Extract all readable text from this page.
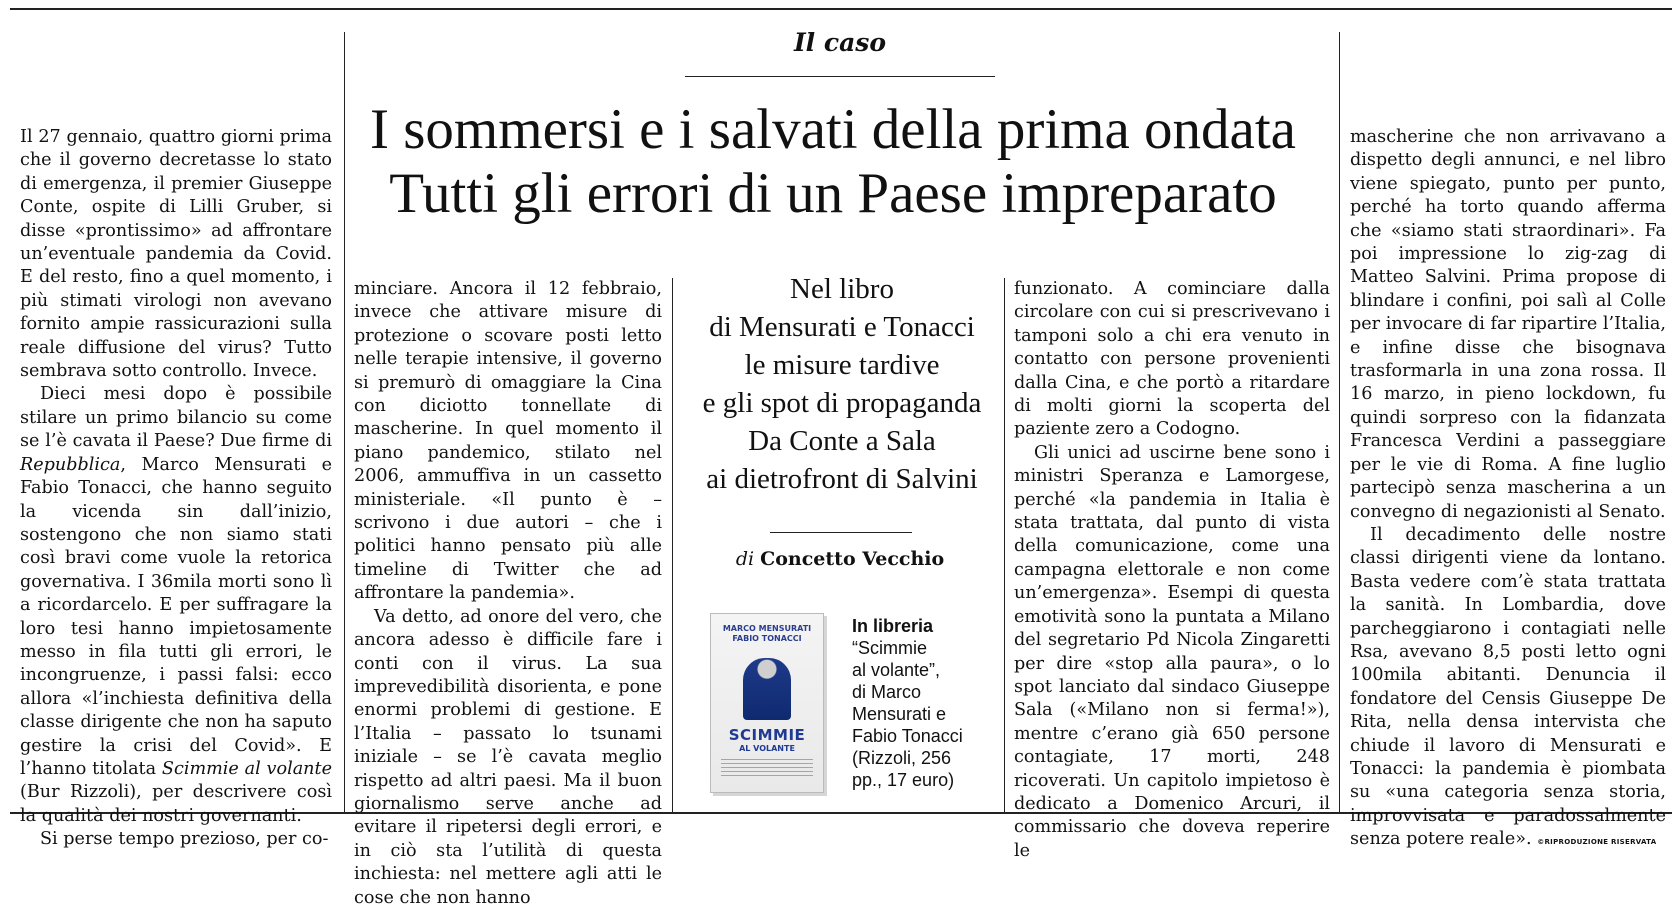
Il caso
I sommersi e i salvati della prima ondata
Tutti gli errori di un Paese impreparato
Nel libro
di Mensurati e Tonacci
le misure tardive
e gli spot di propaganda
Da Conte a Sala
ai dietrofront di Salvini
di Concetto Vecchio
MARCO MENSURATI FABIO TONACCI
SCIMMIE
AL VOLANTE
In libreria
“Scimmie
al volante”,
di Marco
Mensurati e
Fabio Tonacci
(Rizzoli, 256
pp., 17 euro)

Il 27 gennaio, quattro giorni prima che il governo decretasse lo stato di emergenza, il premier Giuseppe Conte, ospite di Lilli Gruber, si disse «prontissimo» ad affrontare un’eventuale pandemia da Covid. E del resto, fino a quel momento, i più stimati virologi non avevano fornito ampie rassicurazioni sulla reale diffusione del virus? Tutto sembrava sotto controllo. Invece.

Dieci mesi dopo è possibile stilare un primo bilancio su come se l’è cavata il Paese? Due firme di Repubblica, Marco Mensurati e Fabio Tonacci, che hanno seguito la vicenda sin dall’inizio, sostengono che non siamo stati così bravi come vuole la retorica governativa. I 36mila morti sono lì a ricordarcelo. E per suffragare la loro tesi hanno impietosamente messo in fila tutti gli errori, le incongruenze, i passi falsi: ecco allora «l’inchiesta definitiva della classe dirigente che non ha saputo gestire la crisi del Covid». E l’hanno titolata Scimmie al volante (Bur Rizzoli), per descrivere così la qualità dei nostri governanti.

Si perse tempo prezioso, per co-

minciare. Ancora il 12 febbraio, invece che attivare misure di protezione o scovare posti letto nelle terapie intensive, il governo si premurò di omaggiare la Cina con diciotto tonnellate di mascherine. In quel momento il piano pandemico, stilato nel 2006, ammuffiva in un cassetto ministeriale. «Il punto è – scrivono i due autori – che i politici hanno pensato più alle timeline di Twitter che ad affrontare la pandemia».

Va detto, ad onore del vero, che ancora adesso è difficile fare i conti con il virus. La sua imprevedibilità disorienta, e pone enormi problemi di gestione. E l’Italia – passato lo tsunami iniziale – se l’è cavata meglio rispetto ad altri paesi. Ma il buon giornalismo serve anche ad evitare il ripetersi degli errori, e in ciò sta l’utilità di questa inchiesta: nel mettere agli atti le cose che non hanno

funzionato. A cominciare dalla circolare con cui si prescrivevano i tamponi solo a chi era venuto in contatto con persone provenienti dalla Cina, e che portò a ritardare di molti giorni la scoperta del paziente zero a Codogno.

Gli unici ad uscirne bene sono i ministri Speranza e Lamorgese, perché «la pandemia in Italia è stata trattata, dal punto di vista della comunicazione, come una campagna elettorale e non come un’emergenza». Esempi di questa emotività sono la puntata a Milano del segretario Pd Nicola Zingaretti per dire «stop alla paura», o lo spot lanciato dal sindaco Giuseppe Sala («Milano non si ferma!»), mentre c’erano già 650 persone contagiate, 17 morti, 248 ricoverati. Un capitolo impietoso è dedicato a Domenico Arcuri, il commissario che doveva reperire le

mascherine che non arrivavano a dispetto degli annunci, e nel libro viene spiegato, punto per punto, perché ha torto quando afferma che «siamo stati straordinari». Fa poi impressione lo zig-zag di Matteo Salvini. Prima propose di blindare i confini, poi salì al Colle per invocare di far ripartire l’Italia, e infine disse che bisognava trasformarla in una zona rossa. Il 16 marzo, in pieno lockdown, fu quindi sorpreso con la fidanzata Francesca Verdini a passeggiare per le vie di Roma. A fine luglio partecipò senza mascherina a un convegno di negazionisti al Senato.

Il decadimento delle nostre classi dirigenti viene da lontano. Basta vedere com’è stata trattata la sanità. In Lombardia, dove parcheggiarono i contagiati nelle Rsa, avevano 8,5 posti letto ogni 100mila abitanti. Denuncia il fondatore del Censis Giuseppe De Rita, nella densa intervista che chiude il lavoro di Mensurati e Tonacci: la pandemia è piombata su «una categoria senza storia, improvvisata e paradossalmente senza potere reale». ©RIPRODUZIONE RISERVATA
